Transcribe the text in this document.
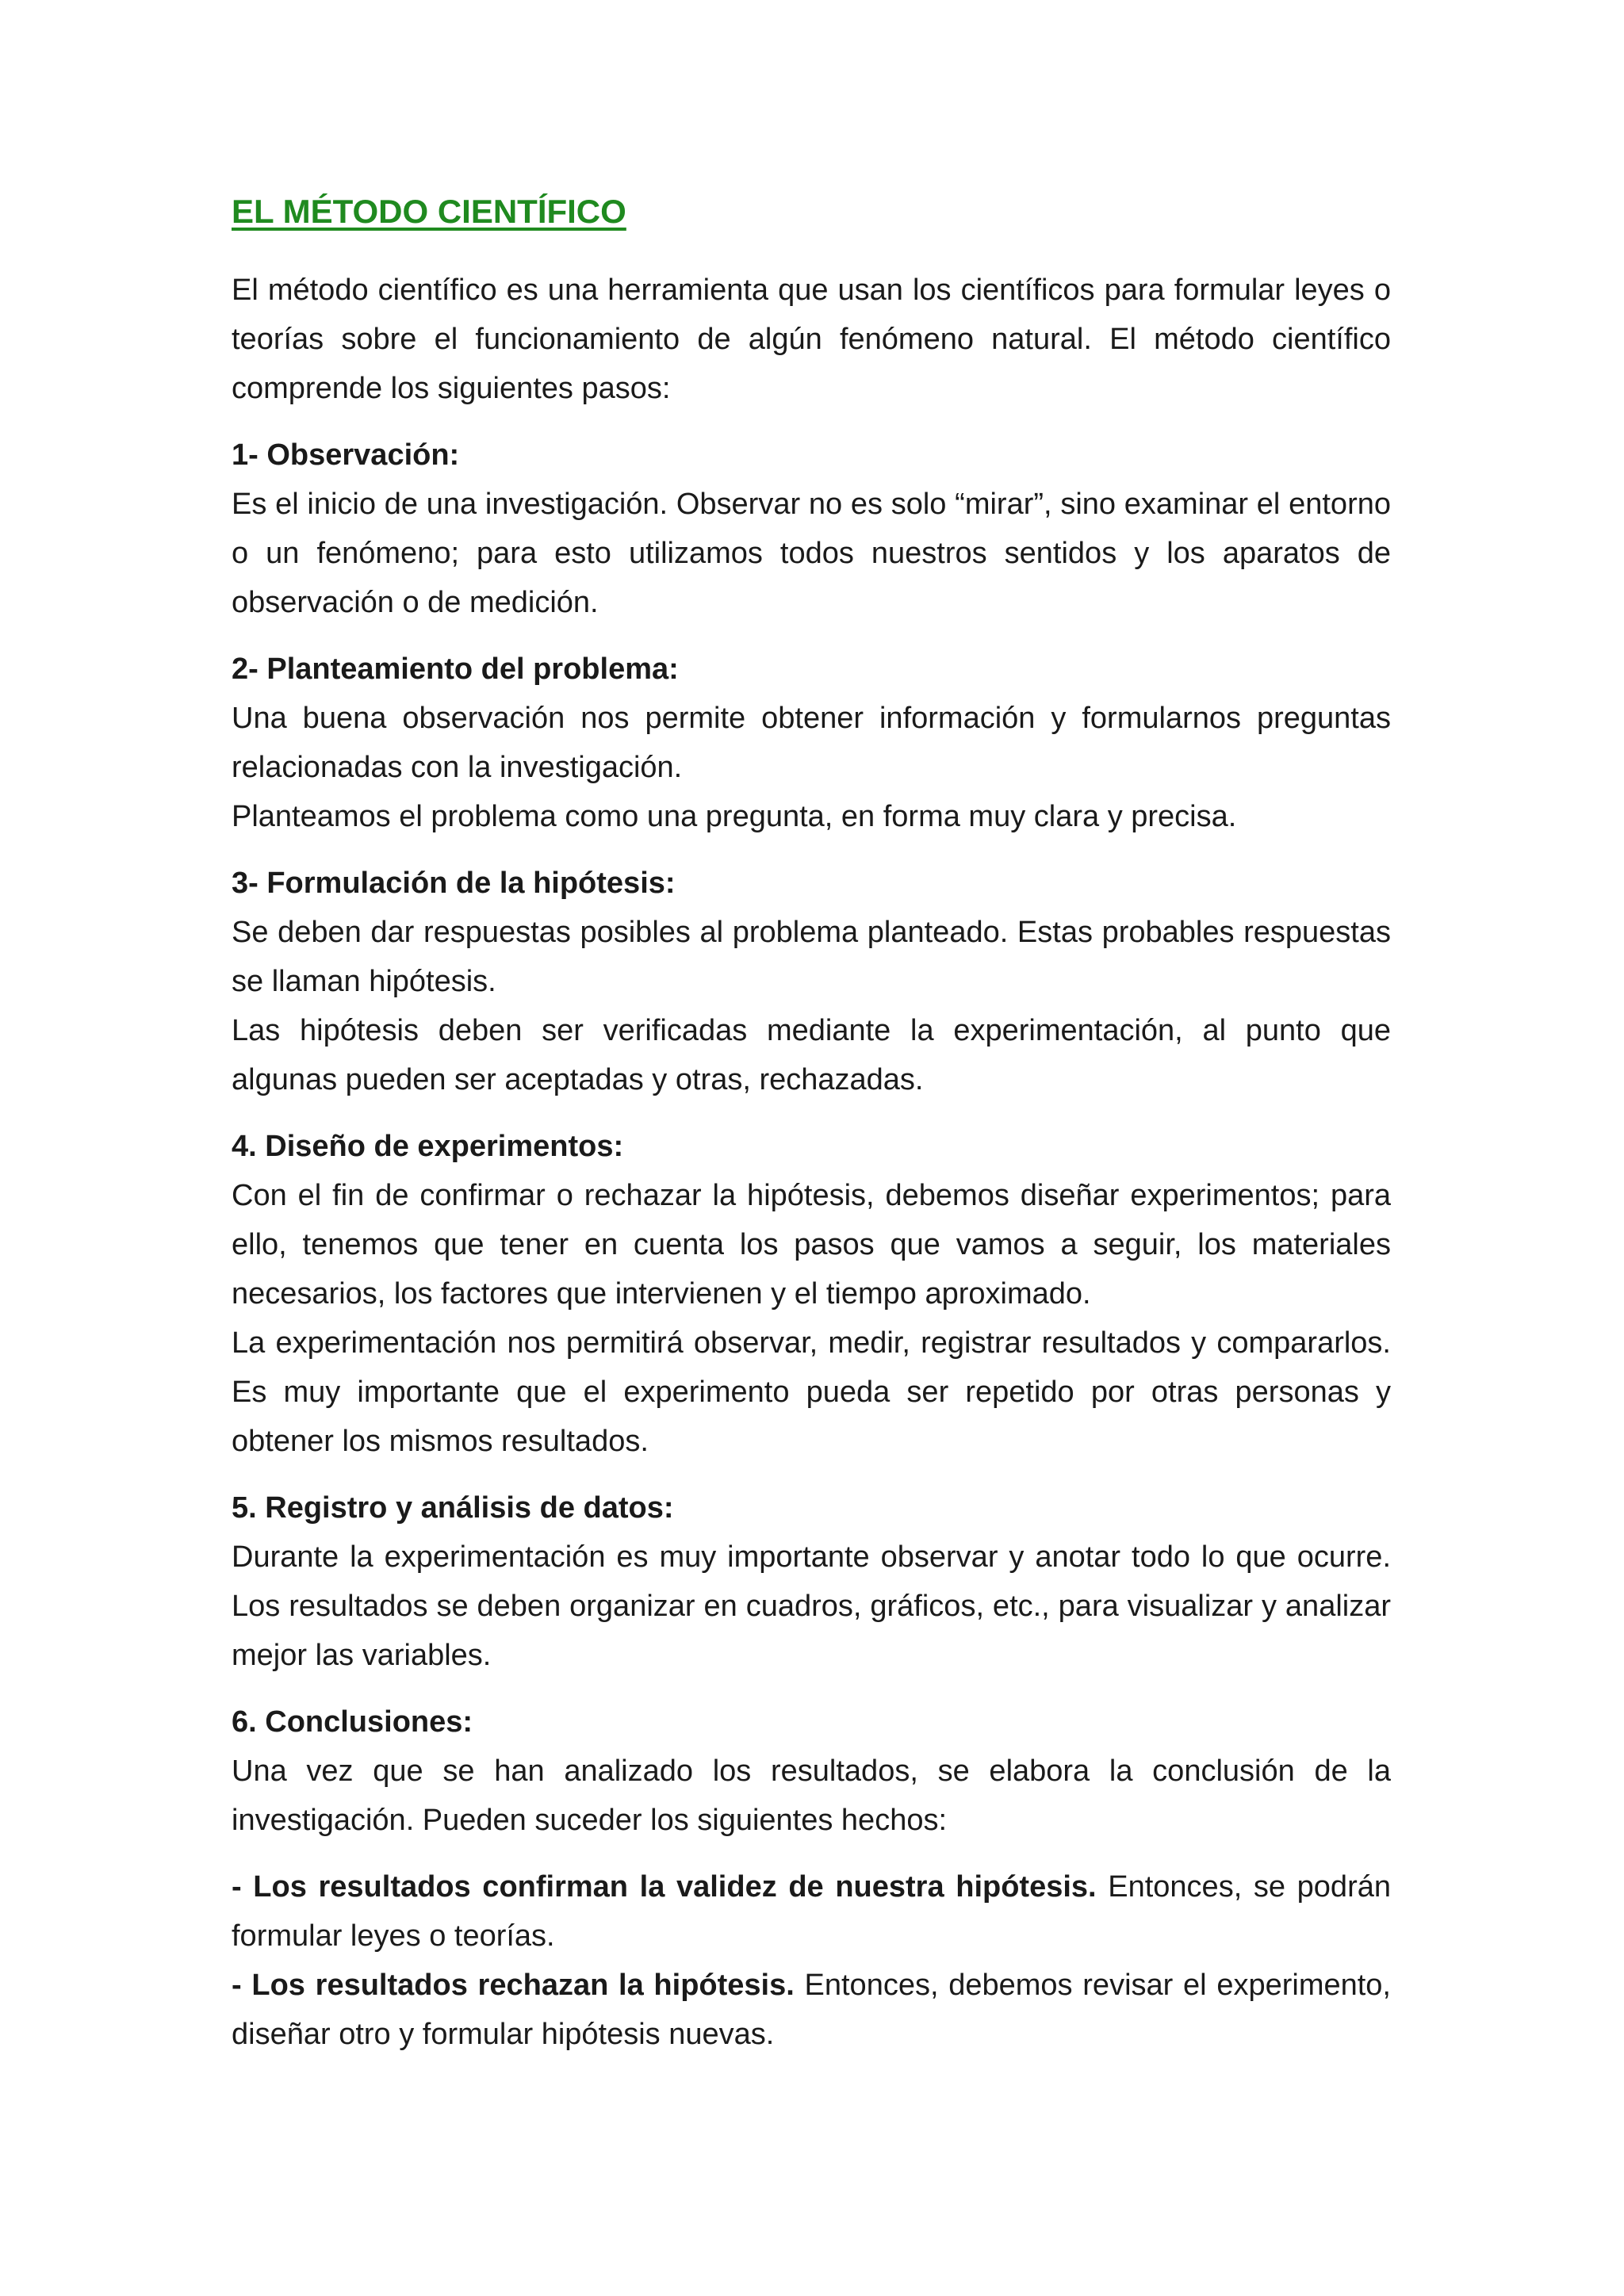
EL MÉTODO CIENTÍFICO

El método científico es una herramienta que usan los científicos para formular leyes o teorías sobre el funcionamiento de algún fenómeno natural. El método científico comprende los siguientes pasos:

1- Observación:

Es el inicio de una investigación. Observar no es solo “mirar”, sino examinar el entorno o un fenómeno; para esto utilizamos todos nuestros sentidos y los aparatos de observación o de medición.

2- Planteamiento del problema:

Una buena observación nos permite obtener información y formularnos preguntas relacionadas con la investigación.

Planteamos el problema como una pregunta, en forma muy clara y precisa.

3- Formulación de la hipótesis:

Se deben dar respuestas posibles al problema planteado. Estas probables respuestas se llaman hipótesis.

Las hipótesis deben ser verificadas mediante la experimentación, al punto que algunas pueden ser aceptadas y otras, rechazadas.

4. Diseño de experimentos:

Con el fin de confirmar o rechazar la hipótesis, debemos diseñar experimentos; para ello, tenemos que tener en cuenta los pasos que vamos a seguir, los materiales necesarios, los factores que intervienen y el tiempo aproximado.

La experimentación nos permitirá observar, medir, registrar resultados y compararlos. Es muy importante que el experimento pueda ser repetido por otras personas y obtener los mismos resultados.

5. Registro y análisis de datos:

Durante la experimentación es muy importante observar y anotar todo lo que ocurre. Los resultados se deben organizar en cuadros, gráficos, etc., para visualizar y analizar mejor las variables.

6. Conclusiones:

Una vez que se han analizado los resultados, se elabora la conclusión de la investigación. Pueden suceder los siguientes hechos:

- Los resultados confirman la validez de nuestra hipótesis. Entonces, se podrán formular leyes o teorías.

- Los resultados rechazan la hipótesis. Entonces, debemos revisar el experimento, diseñar otro y formular hipótesis nuevas.
